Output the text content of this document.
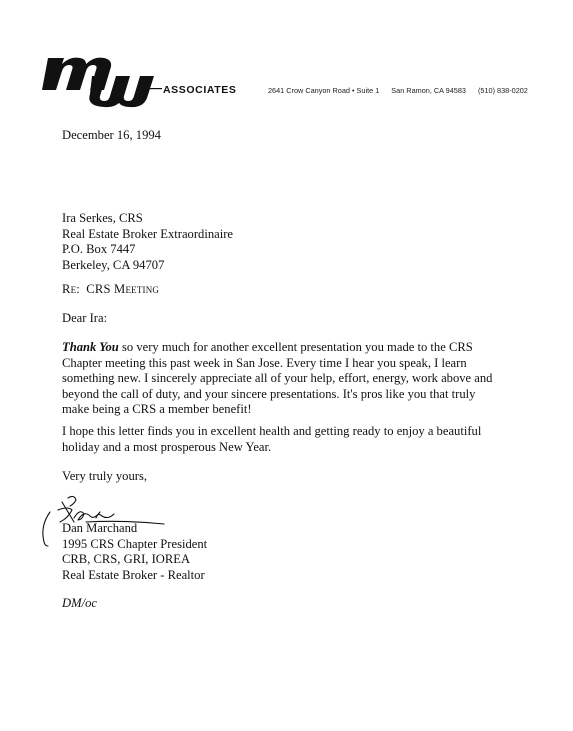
ASSOCIATES	2641 Crow Canyon Road • Suite 1 San Ramon, CA 94583 (510) 838-0202
December 16, 1994
Ira Serkes, CRS
Real Estate Broker Extraordinaire
P.O. Box 7447
Berkeley, CA 94707
Re: CRS Meeting
Dear Ira:
Thank You so very much for another excellent presentation you made to the CRS
Chapter meeting this past week in San Jose. Every time I hear you speak, I learn
something new. I sincerely appreciate all of your help, effort, energy, work above and
beyond the call of duty, and your sincere presentations. It's pros like you that truly
make being a CRS a member benefit!
I hope this letter finds you in excellent health and getting ready to enjoy a beautiful
holiday and a most prosperous New Year.
Very truly yours,
Dan Marchand
1995 CRS Chapter President
CRB, CRS, GRI, IOREA
Real Estate Broker - Realtor
DM/oc
